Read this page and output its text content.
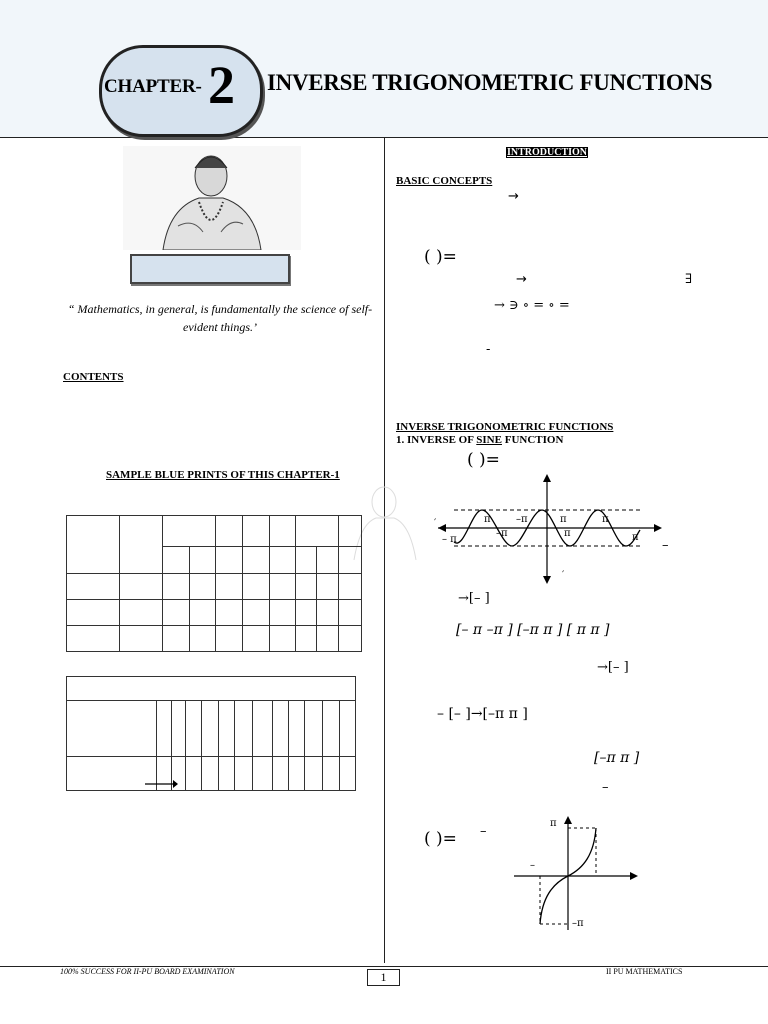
CHAPTER- 2 INVERSE TRIGONOMETRIC FUNCTIONS
“ Mathematics, in general, is fundamentally the science of self-evident things.’
CONTENTS
SAMPLE BLUE PRINTS OF THIS CHAPTER-1

INTRODUCTION
BASIC CONCEPTS
→
( )=
→	∃
→ ∋ ∘ = ∘ =
-
INVERSE TRIGONOMETRIC FUNCTIONS
1. INVERSE OF SINE FUNCTION
( )=
π	–π	π	π
– π
–π	π	π
′
′
–
→[– ]
[– π –π ] [–π π ] [ π π ]
→[– ]
– [– ]→[–π π ]
[–π π ]
–
( )= –
π
–
–π
100% SUCCESS FOR II-PU BOARD EXAMINATION	1	II PU MATHEMATICS
